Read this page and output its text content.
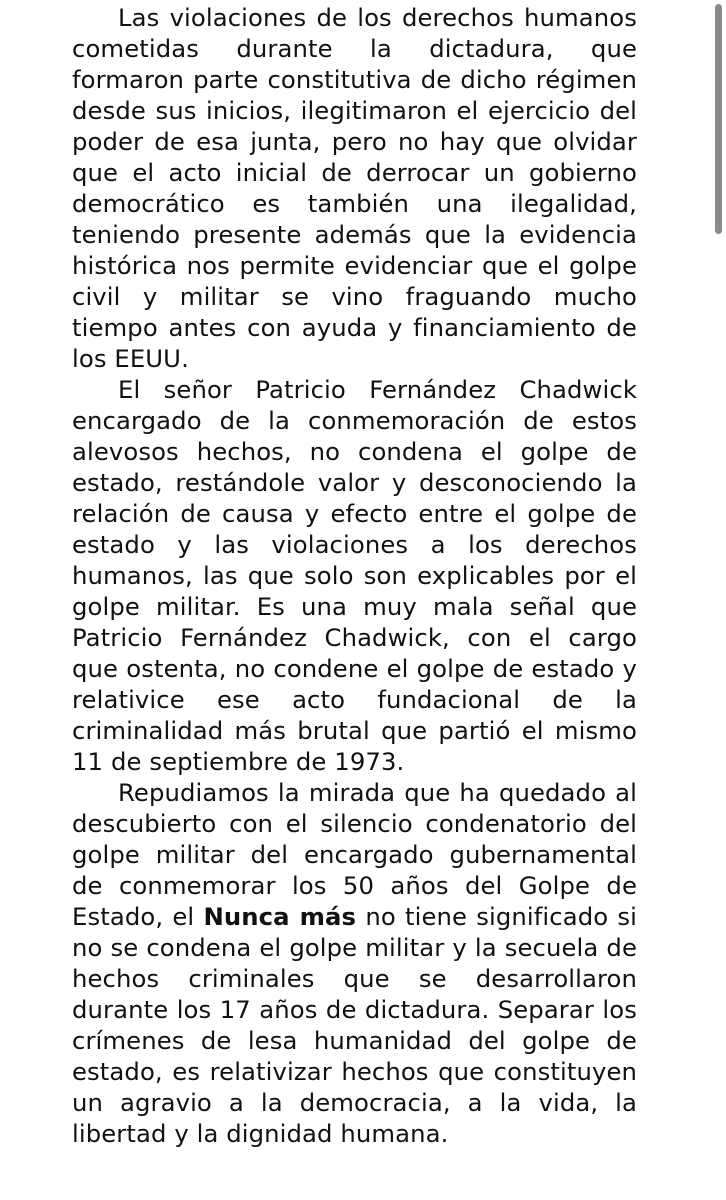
Las violaciones de los derechos humanos cometidas durante la dictadura, que formaron parte constitutiva de dicho régimen desde sus inicios, ilegitimaron el ejercicio del poder de esa junta, pero no hay que olvidar que el acto inicial de derrocar un gobierno democrático es también una ilegalidad, teniendo presente además que la evidencia histórica nos permite evidenciar que el golpe civil y militar se vino fraguando mucho tiempo antes con ayuda y financiamiento de los EEUU.

El señor Patricio Fernández Chadwick encargado de la conmemoración de estos alevosos hechos, no condena el golpe de estado, restándole valor y desconociendo la relación de causa y efecto entre el golpe de estado y las violaciones a los derechos humanos, las que solo son explicables por el golpe militar. Es una muy mala señal que Patricio Fernández Chadwick, con el cargo que ostenta, no condene el golpe de estado y relativice ese acto fundacional de la criminalidad más brutal que partió el mismo 11 de septiembre de 1973.

Repudiamos la mirada que ha quedado al descubierto con el silencio condenatorio del golpe militar del encargado gubernamental de conmemorar los 50 años del Golpe de Estado, el Nunca más no tiene significado si no se condena el golpe militar y la secuela de hechos criminales que se desarrollaron durante los 17 años de dictadura. Separar los crímenes de lesa humanidad del golpe de estado, es relativizar hechos que constituyen un agravio a la democracia, a la vida, la libertad y la dignidad humana.
